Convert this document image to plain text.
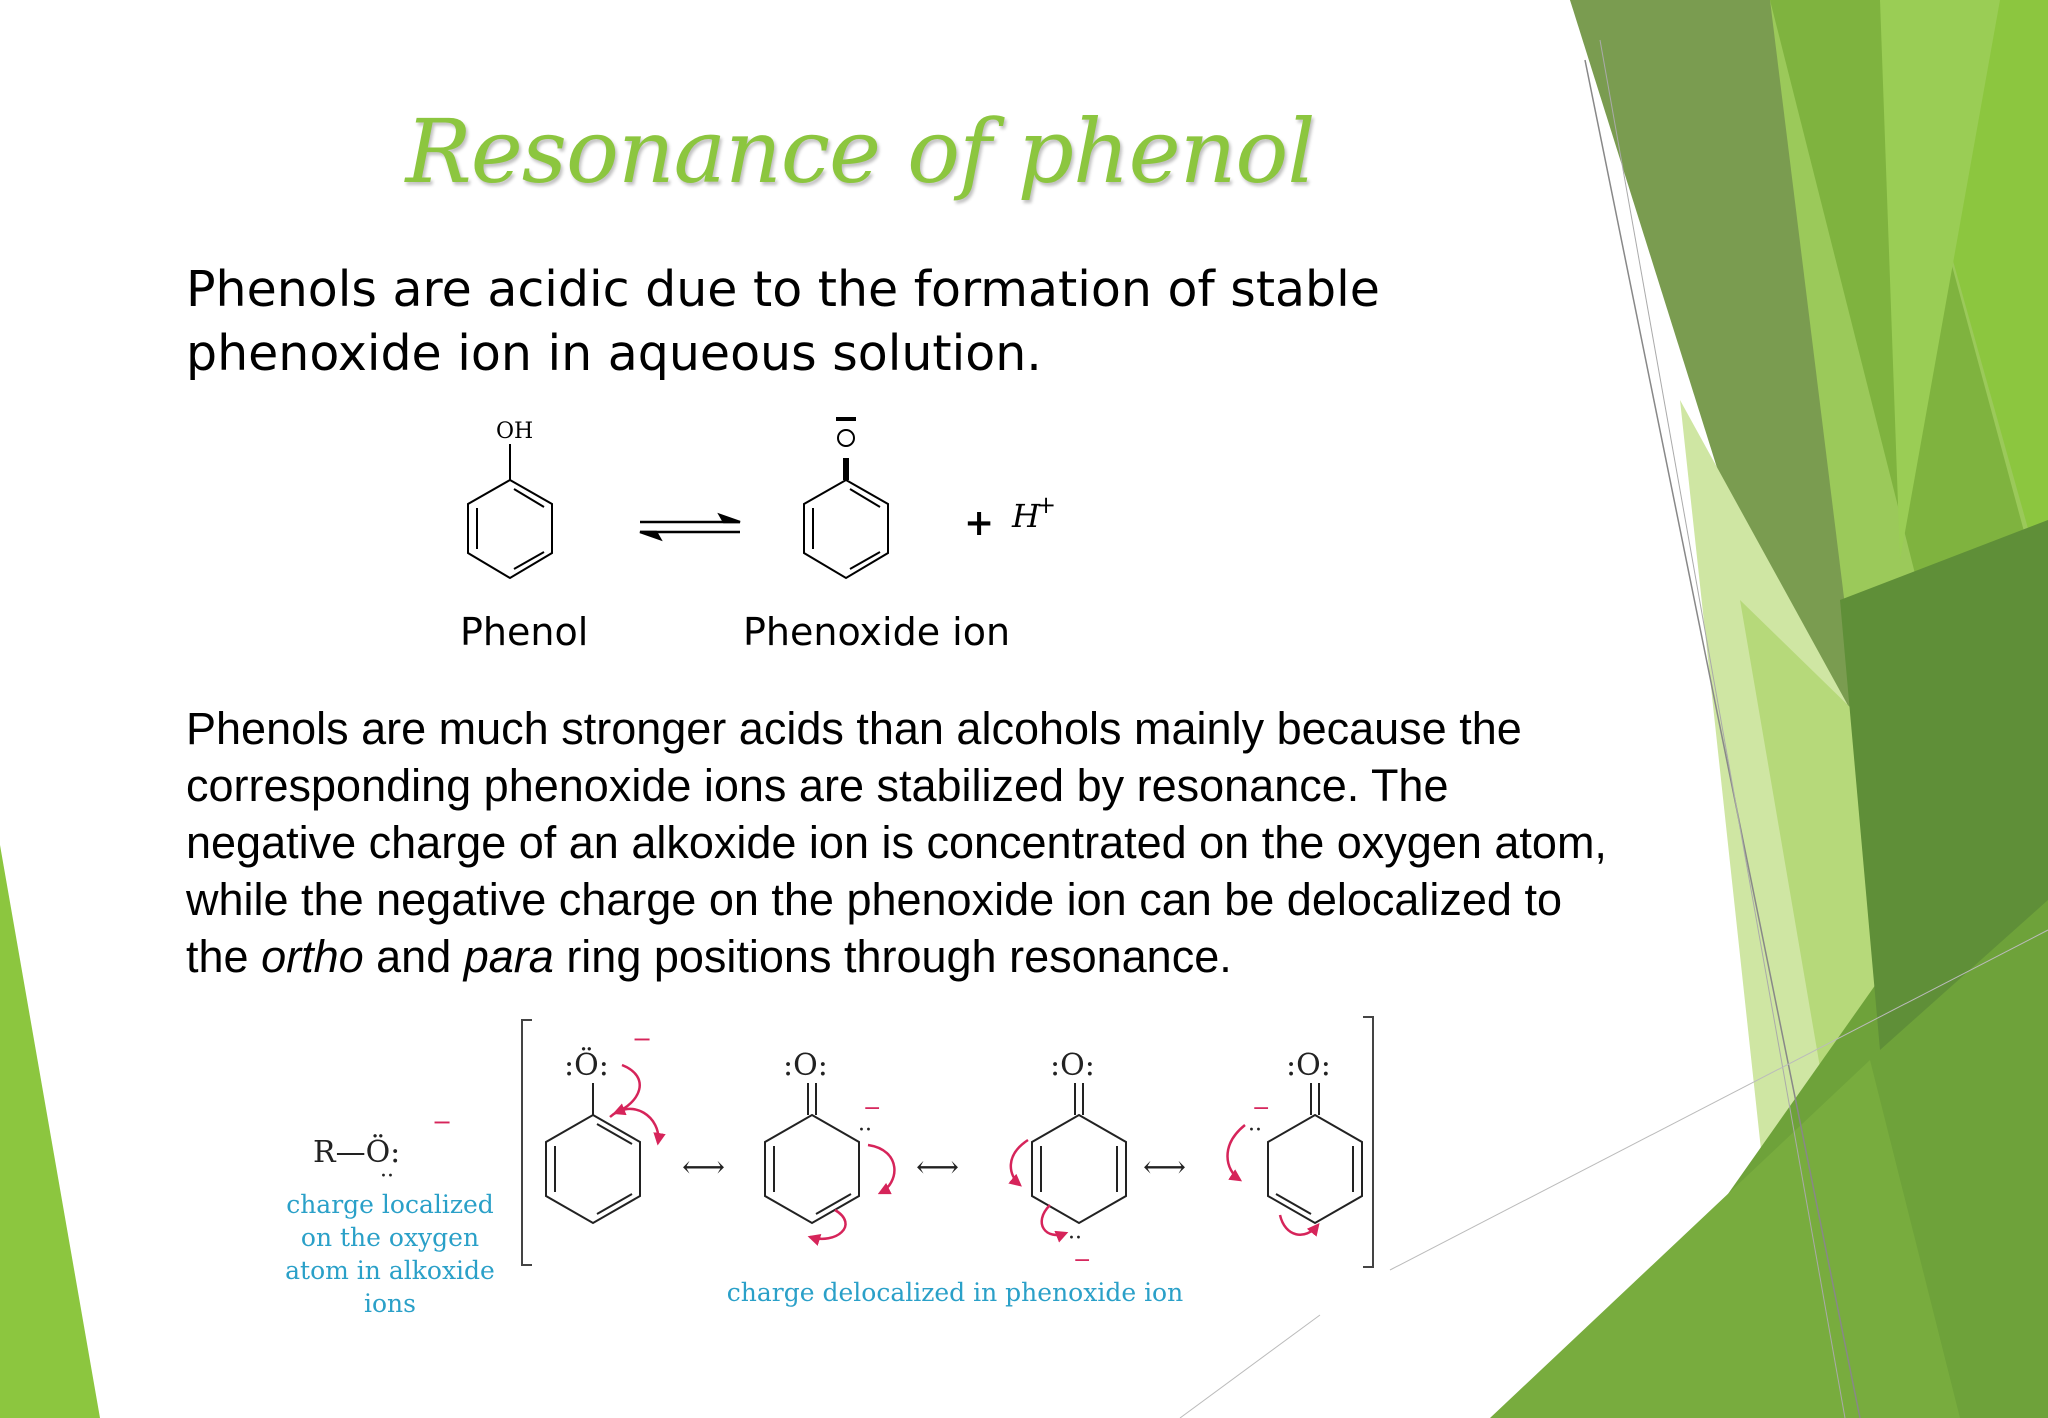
Resonance of phenol
Phenols are acidic due to the formation of stable phenoxide ion in aqueous solution.
OH
+ H
+
Phenol	Phenoxide ion
Phenols are much stronger acids than alcohols mainly because the corresponding phenoxide ions are stabilized by resonance. The negative charge of an alkoxide ion is concentrated on the oxygen atom, while the negative charge on the phenoxide ion can be delocalized to the ortho and para ring positions through resonance.
R—Ö:
··
−
:Ö:
−
⟷
:O:
··
−
⟷
:O:
··
−
⟷
:O:
··
−
charge localized on the oxygen atom in alkoxide ions	charge delocalized in phenoxide ion
